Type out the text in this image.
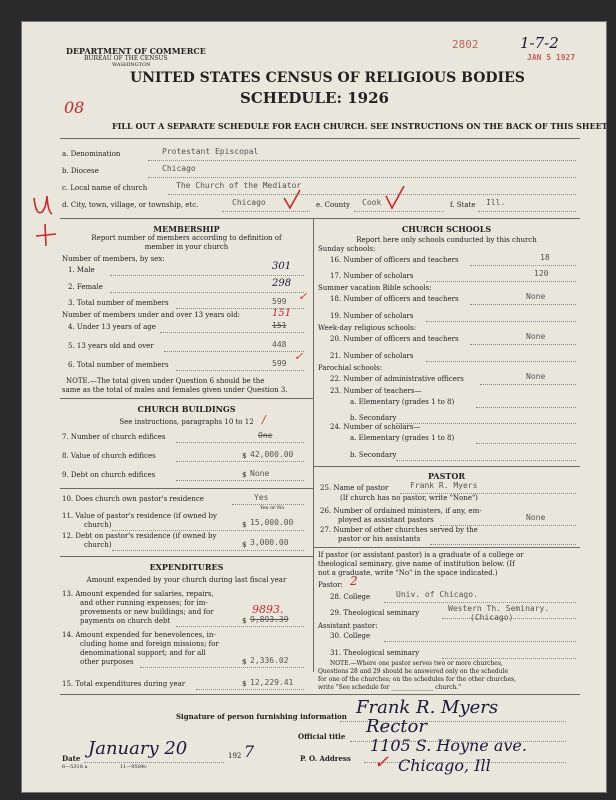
DEPARTMENT OF COMMERCE
BUREAU OF THE CENSUS
WASHINGTON
UNITED STATES CENSUS OF RELIGIOUS BODIES
SCHEDULE: 1926
FILL OUT A SEPARATE SCHEDULE FOR EACH CHURCH. SEE INSTRUCTIONS ON THE BACK OF THIS SHEET
2802	1-7-2
JAN 5 1927
08
a. Denomination	Protestant Episcopal
b. Diocese	Chicago
c. Local name of church	The Church of the Mediator
d. City, town, village, or township, etc.	Chicago	e. County Cook	f. State Ill.
MEMBERSHIP
Report number of members according to definition of
member in your church
Number of members, by sex:
1. Male	301
2. Female	298
3. Total number of members	599 ✓
Number of members under and over 13 years old:	151
4. Under 13 years of age	151
5. 13 years old and over	448
6. Total number of members	599
✓
NOTE.—The total given under Question 6 should be the
same as the total of males and females given under Question 3.
CHURCH BUILDINGS
See instructions, paragraphs 10 to 12 /
7. Number of church edifices	One
8. Value of church edifices	$ 42,000.00
9. Debt on church edifices	$ None
10. Does church own pastor's residence	Yes
Yes or No
11. Value of pastor's residence (if owned by
church)	$ 15,000.00
12. Debt on pastor's residence (if owned by
church)	$ 3,000.00
EXPENDITURES
Amount expended by your church during last fiscal year
13. Amount expended for salaries, repairs,
and other running expenses; for im-
provements or new buildings; and for
payments on church debt
9893.
$ 9,893.39
14. Amount expended for benevolences, in-
cluding home and foreign missions; for
denominational support; and for all
other purposes	$ 2,336.02
15. Total expenditures during year	$ 12,229.41
CHURCH SCHOOLS
Report here only schools conducted by this church
Sunday schools:
16. Number of officers and teachers	18
17. Number of scholars	120
Summer vacation Bible schools:
18. Number of officers and teachers	None
19. Number of scholars
Week-day religious schools:
20. Number of officers and teachers	None
21. Number of scholars
Parochial schools:
22. Number of administrative officers	None
23. Number of teachers—
a. Elementary (grades 1 to 8)
b. Secondary
24. Number of scholars—
a. Elementary (grades 1 to 8)
b. Secondary
PASTOR
25. Name of pastor	Frank R. Myers
(If church has no pastor, write "None")
26. Number of ordained ministers, if any, em-
ployed as assistant pastors	None
27. Number of other churches served by the
pastor or his assistants
If pastor (or assistant pastor) is a graduate of a college or
theological seminary, give name of institution below. (If
not a graduate, write "No" in the space indicated.)
Pastor: 2
28. College	Univ. of Chicago.
29. Theological seminary	Western Th. Seminary.
(Chicago)
Assistant pastor:
30. College
31. Theological seminary
NOTE.—Where one pastor serves two or more churches,
Questions 28 and 29 should be answered only on the schedule
for one of the churches; on the schedules for the other churches,
write "See schedule for ______________ church."
Signature of person furnishing information Frank R. Myers
Official title Rector
Date January 20	192 7	P. O. Address
1105 S. Hoyne ave.
Chicago, Ill
✓
6—5318 a	11—9584c
